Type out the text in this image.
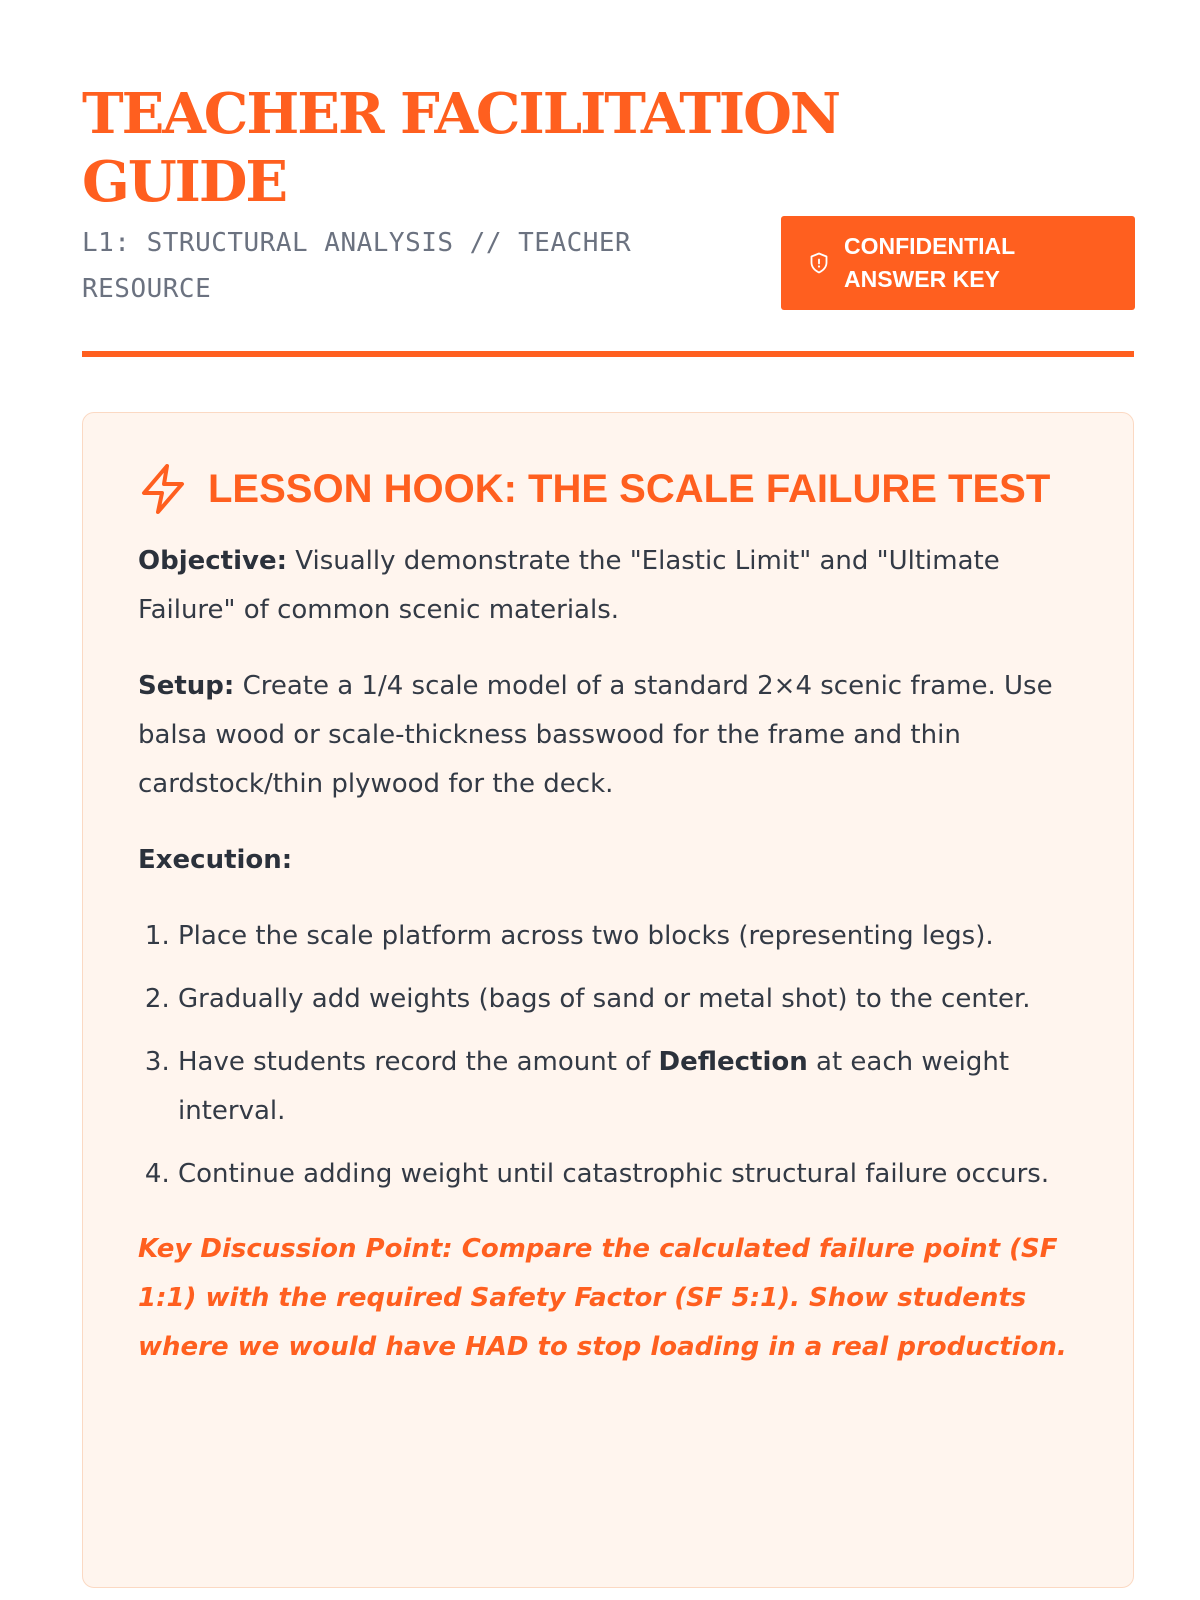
TEACHER FACILITATION GUIDE
L1: STRUCTURAL ANALYSIS // TEACHER RESOURCE
CONFIDENTIAL ANSWER KEY
LESSON HOOK: THE SCALE FAILURE TEST

Objective: Visually demonstrate the "Elastic Limit" and "Ultimate Failure" of common scenic materials.

Setup: Create a 1/4 scale model of a standard 2×4 scenic frame. Use balsa wood or scale-thickness basswood for the frame and thin cardstock/thin plywood for the deck.

Execution:

1. Place the scale platform across two blocks (representing legs).
2. Gradually add weights (bags of sand or metal shot) to the center.
3. Have students record the amount of Deflection at each weight interval.
4. Continue adding weight until catastrophic structural failure occurs.

Key Discussion Point: Compare the calculated failure point (SF 1:1) with the required Safety Factor (SF 5:1). Show students where we would have HAD to stop loading in a real production.
